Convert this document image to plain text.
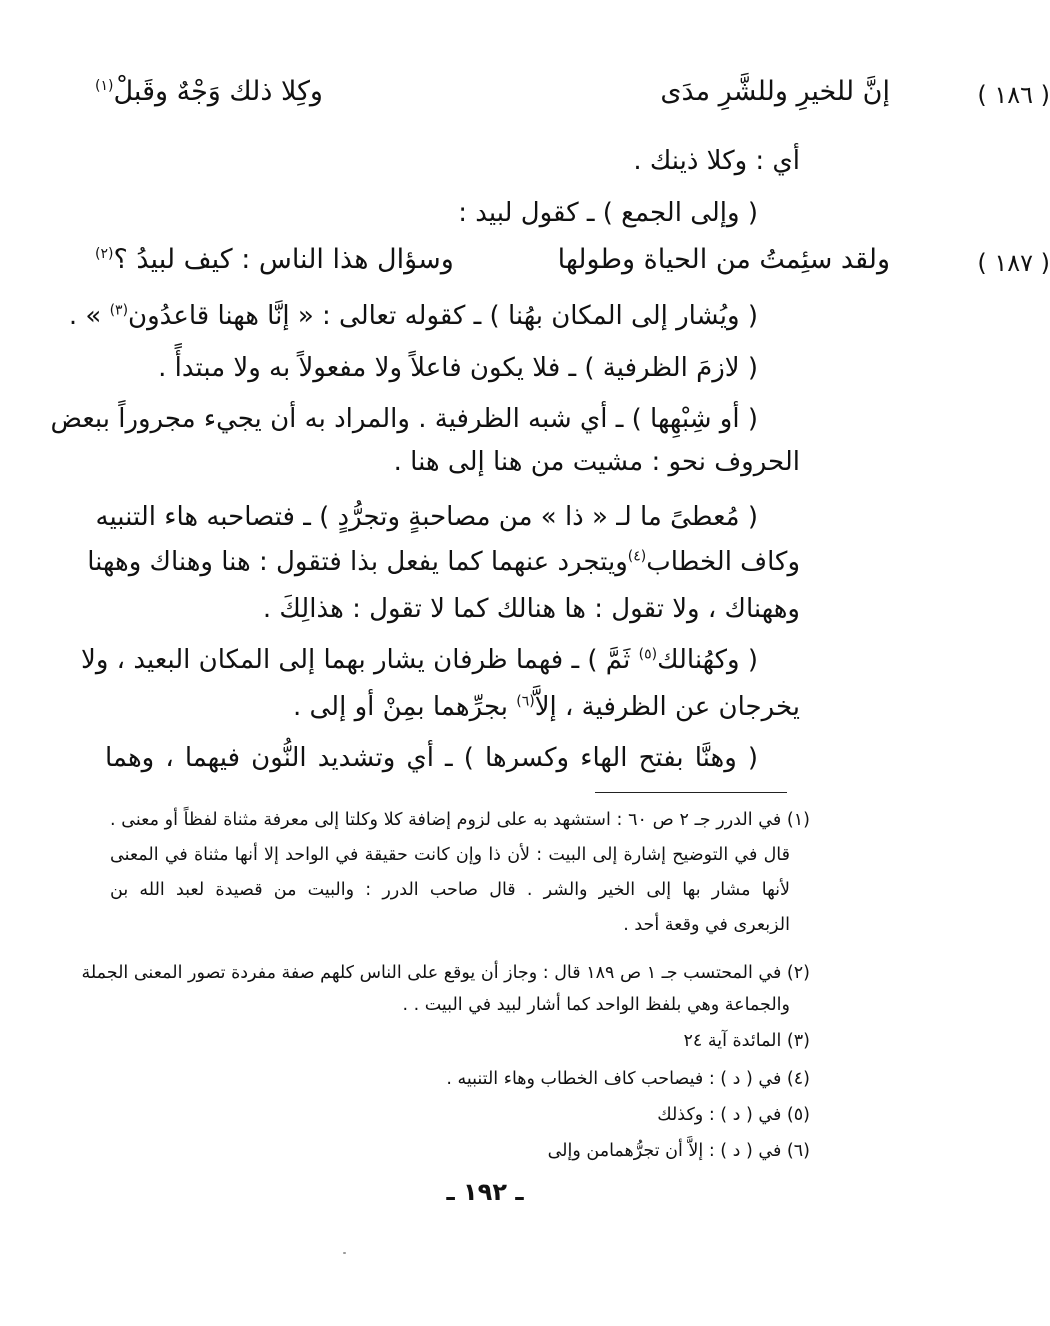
( ١٨٦ )
إنَّ للخيرِ وللشَّرِ مدَى
وكِلا ذلك وَجْهٌ وقَبلْ$^{(١)}$
أي : وكلا ذينك .
( وإلى الجمع ) ـ كقول لبيد :
( ١٨٧ )
ولقد سئِمتُ من الحياة وطولها
وسؤال هذا الناس : كيف لبيدُ ؟$^{(٢)}$
( ويُشار إلى المكان بهُنا ) ـ كقوله تعالى : « إنَّا ههنا قاعدُون$^{(٣)}$ » .
( لازمَ الظرفية ) ـ فلا يكون فاعلاً ولا مفعولاً به ولا مبتدأً .
( أو شِبْهِها ) ـ أي شبه الظرفية . والمراد به أن يجيء مجروراً ببعض
الحروف نحو : مشيت من هنا إلى هنا .
( مُعطىً ما لـ « ذا » من مصاحبةٍ وتجرُّدٍ ) ـ فتصاحبه هاء التنبيه
وكاف الخطاب$^{(٤)}$ويتجرد عنهما كما يفعل بذا فتقول : هنا وهناك وههنا
وههناك ، ولا تقول : ها هنالك كما لا تقول : هذالِكَ .
( وكهُنالك$^{(٥)}$ ثَمَّ ) ـ فهما ظرفان يشار بهما إلى المكان البعيد ، ولا
يخرجان عن الظرفية ، إلاَّ$^{(٦)}$ بجرِّهما بمِنْ أو إلى .
( وهنَّا بفتح الهاء وكسرها ) ـ أي وتشديد النُّون فيهما ، وهما
(١) في الدرر جـ ٢ ص ٦٠ : استشهد به على لزوم إضافة كلا وكلتا إلى معرفة مثناة لفظاً أو معنى .
قال في التوضيح إشارة إلى البيت : لأن ذا وإن كانت حقيقة في الواحد إلا أنها مثناة في المعنى
لأنها مشار بها إلى الخير والشر . قال صاحب الدرر : والبيت من قصيدة لعبد الله بن
الزبعرى في وقعة أحد .
(٢) في المحتسب جـ ١ ص ١٨٩ قال : وجاز أن يوقع على الناس كلهم صفة مفردة تصور المعنى الجملة
والجماعة وهي بلفظ الواحد كما أشار لبيد في البيت . .
(٣) المائدة آية ٢٤
(٤) في ( د ) : فيصاحب كاف الخطاب وهاء التنبيه .
(٥) في ( د ) : وكذلك
(٦) في ( د ) : إلاَّ أن تجرُّهمامن وإلى
ـ ١٩٢ ـ
